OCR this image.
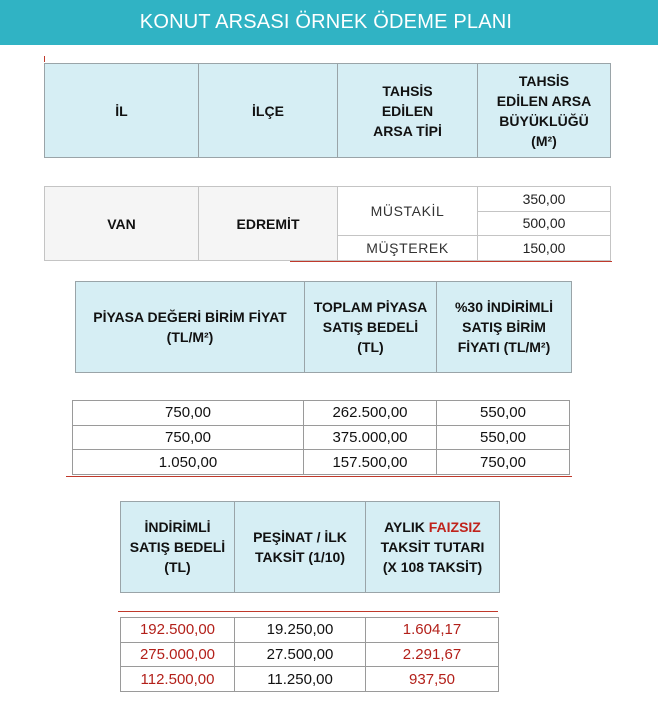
KONUT ARSASI ÖRNEK ÖDEME PLANI
İL	İLÇE	TAHSİS EDİLEN ARSA TİPİ	TAHSİS EDİLEN ARSA BÜYÜKLÜĞÜ (M²)
VAN	EDREMİT	MÜSTAKİL	350,00
			500,00
		MÜŞTEREK	150,00
PİYASA DEĞERİ BİRİM FİYAT (TL/M²)	TOPLAM PİYASA SATIŞ BEDELİ (TL)	%30 İNDİRİMLİ SATIŞ BİRİM FİYATI (TL/M²)
750,00	262.500,00	550,00
750,00	375.000,00	550,00
1.050,00	157.500,00	750,00
İNDİRİMLİ SATIŞ BEDELİ (TL)	PEŞİNAT / İLK TAKSİT (1/10)	AYLIK FAIZSIZ
TAKSİT TUTARI (X 108 TAKSİT)
192.500,00	19.250,00	1.604,17
275.000,00	27.500,00	2.291,67
112.500,00	11.250,00	937,50
